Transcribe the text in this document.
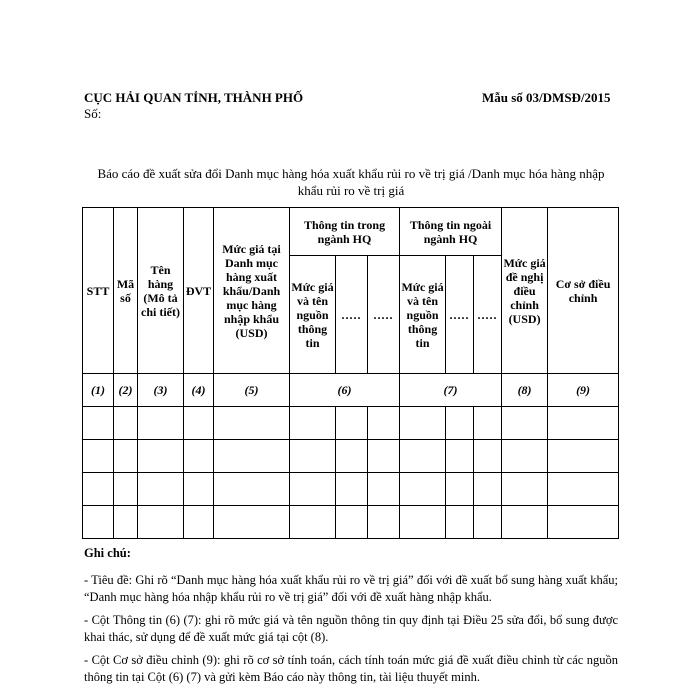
CỤC HẢI QUAN TỈNH, THÀNH PHỐ
Số:
Mẫu số 03/DMSĐ/2015
Báo cáo đề xuất sửa đổi Danh mục hàng hóa xuất khẩu rủi ro về trị giá /Danh mục hóa hàng nhập khẩu rủi ro về trị giá
STT	Mã số	Tên hàng (Mô tả chi tiết)	ĐVT	Mức giá tại Danh mục hàng xuất khẩu/Danh mục hàng nhập khẩu (USD)	Thông tin trong ngành HQ			Thông tin ngoài ngành HQ			Mức giá đề nghị điều chỉnh (USD)	Cơ sở điều chỉnh
					Mức giá và tên nguồn thông tin	.....	.....	Mức giá và tên nguồn thông tin	.....	.....		
(1)	(2)	(3)	(4)	(5)	(6)			(7)			(8)	(9)

Ghi chú:

- Tiêu đề: Ghi rõ “Danh mục hàng hóa xuất khẩu rủi ro về trị giá” đối với đề xuất bổ sung hàng xuất khẩu; “Danh mục hàng hóa nhập khẩu rủi ro về trị giá” đối với đề xuất hàng nhập khẩu.

- Cột Thông tin (6) (7): ghi rõ mức giá và tên nguồn thông tin quy định tại Điều 25 sửa đổi, bổ sung được khai thác, sử dụng để đề xuất mức giá tại cột (8).

- Cột Cơ sở điều chỉnh (9): ghi rõ cơ sở tính toán, cách tính toán mức giá đề xuất điều chỉnh từ các nguồn thông tin tại Cột (6) (7) và gửi kèm Báo cáo này thông tin, tài liệu thuyết minh.
